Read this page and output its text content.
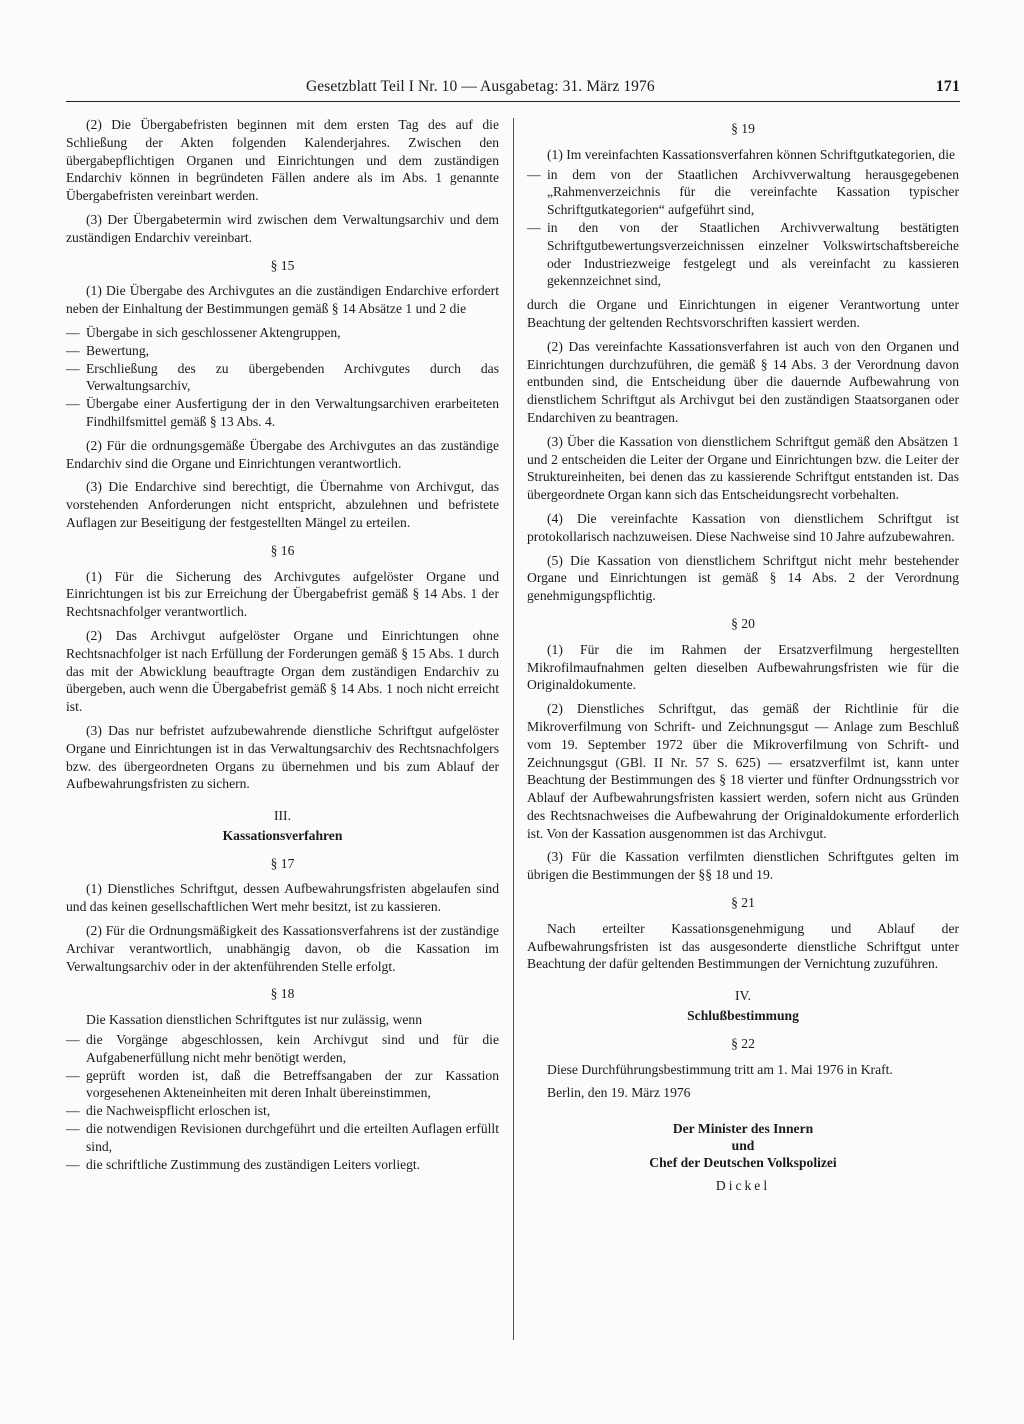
Gesetzblatt Teil I Nr. 10 — Ausgabetag: 31. März 1976	171

(2) Die Übergabefristen beginnen mit dem ersten Tag des auf die Schließung der Akten folgenden Kalenderjahres. Zwischen den übergabepflichtigen Organen und Einrichtungen und dem zuständigen Endarchiv können in begründeten Fällen andere als im Abs. 1 genannte Übergabefristen vereinbart werden.

(3) Der Übergabetermin wird zwischen dem Verwaltungsarchiv und dem zuständigen Endarchiv vereinbart.

§ 15

(1) Die Übergabe des Archivgutes an die zuständigen Endarchive erfordert neben der Einhaltung der Bestimmungen gemäß § 14 Absätze 1 und 2 die

— Übergabe in sich geschlossener Aktengruppen,
— Bewertung,
— Erschließung des zu übergebenden Archivgutes durch das Verwaltungsarchiv,
— Übergabe einer Ausfertigung der in den Verwaltungsarchiven erarbeiteten Findhilfsmittel gemäß § 13 Abs. 4.

(2) Für die ordnungsgemäße Übergabe des Archivgutes an das zuständige Endarchiv sind die Organe und Einrichtungen verantwortlich.

(3) Die Endarchive sind berechtigt, die Übernahme von Archivgut, das vorstehenden Anforderungen nicht entspricht, abzulehnen und befristete Auflagen zur Beseitigung der festgestellten Mängel zu erteilen.

§ 16

(1) Für die Sicherung des Archivgutes aufgelöster Organe und Einrichtungen ist bis zur Erreichung der Übergabefrist gemäß § 14 Abs. 1 der Rechtsnachfolger verantwortlich.

(2) Das Archivgut aufgelöster Organe und Einrichtungen ohne Rechtsnachfolger ist nach Erfüllung der Forderungen gemäß § 15 Abs. 1 durch das mit der Abwicklung beauftragte Organ dem zuständigen Endarchiv zu übergeben, auch wenn die Übergabefrist gemäß § 14 Abs. 1 noch nicht erreicht ist.

(3) Das nur befristet aufzubewahrende dienstliche Schriftgut aufgelöster Organe und Einrichtungen ist in das Verwaltungsarchiv des Rechtsnachfolgers bzw. des übergeordneten Organs zu übernehmen und bis zum Ablauf der Aufbewahrungsfristen zu sichern.

III.
Kassationsverfahren
§ 17

(1) Dienstliches Schriftgut, dessen Aufbewahrungsfristen abgelaufen sind und das keinen gesellschaftlichen Wert mehr besitzt, ist zu kassieren.

(2) Für die Ordnungsmäßigkeit des Kassationsverfahrens ist der zuständige Archivar verantwortlich, unabhängig davon, ob die Kassation im Verwaltungsarchiv oder in der aktenführenden Stelle erfolgt.

§ 18

Die Kassation dienstlichen Schriftgutes ist nur zulässig, wenn

— die Vorgänge abgeschlossen, kein Archivgut sind und für die Aufgabenerfüllung nicht mehr benötigt werden,
— geprüft worden ist, daß die Betreffsangaben der zur Kassation vorgesehenen Akteneinheiten mit deren Inhalt übereinstimmen,
— die Nachweispflicht erloschen ist,
— die notwendigen Revisionen durchgeführt und die erteilten Auflagen erfüllt sind,
— die schriftliche Zustimmung des zuständigen Leiters vorliegt.
§ 19

(1) Im vereinfachten Kassationsverfahren können Schriftgutkategorien, die

— in dem von der Staatlichen Archivverwaltung herausgegebenen „Rahmenverzeichnis für die vereinfachte Kassation typischer Schriftgutkategorien“ aufgeführt sind,
— in den von der Staatlichen Archivverwaltung bestätigten Schriftgutbewertungsverzeichnissen einzelner Volkswirtschaftsbereiche oder Industriezweige festgelegt und als vereinfacht zu kassieren gekennzeichnet sind,

durch die Organe und Einrichtungen in eigener Verantwortung unter Beachtung der geltenden Rechtsvorschriften kassiert werden.

(2) Das vereinfachte Kassationsverfahren ist auch von den Organen und Einrichtungen durchzuführen, die gemäß § 14 Abs. 3 der Verordnung davon entbunden sind, die Entscheidung über die dauernde Aufbewahrung von dienstlichem Schriftgut als Archivgut bei den zuständigen Staatsorganen oder Endarchiven zu beantragen.

(3) Über die Kassation von dienstlichem Schriftgut gemäß den Absätzen 1 und 2 entscheiden die Leiter der Organe und Einrichtungen bzw. die Leiter der Struktureinheiten, bei denen das zu kassierende Schriftgut entstanden ist. Das übergeordnete Organ kann sich das Entscheidungsrecht vorbehalten.

(4) Die vereinfachte Kassation von dienstlichem Schriftgut ist protokollarisch nachzuweisen. Diese Nachweise sind 10 Jahre aufzubewahren.

(5) Die Kassation von dienstlichem Schriftgut nicht mehr bestehender Organe und Einrichtungen ist gemäß § 14 Abs. 2 der Verordnung genehmigungspflichtig.

§ 20

(1) Für die im Rahmen der Ersatzverfilmung hergestellten Mikrofilmaufnahmen gelten dieselben Aufbewahrungsfristen wie für die Originaldokumente.

(2) Dienstliches Schriftgut, das gemäß der Richtlinie für die Mikroverfilmung von Schrift- und Zeichnungsgut — Anlage zum Beschluß vom 19. September 1972 über die Mikroverfilmung von Schrift- und Zeichnungsgut (GBl. II Nr. 57 S. 625) — ersatzverfilmt ist, kann unter Beachtung der Bestimmungen des § 18 vierter und fünfter Ordnungsstrich vor Ablauf der Aufbewahrungsfristen kassiert werden, sofern nicht aus Gründen des Rechtsnachweises die Aufbewahrung der Originaldokumente erforderlich ist. Von der Kassation ausgenommen ist das Archivgut.

(3) Für die Kassation verfilmten dienstlichen Schriftgutes gelten im übrigen die Bestimmungen der §§ 18 und 19.

§ 21

Nach erteilter Kassationsgenehmigung und Ablauf der Aufbewahrungsfristen ist das ausgesonderte dienstliche Schriftgut unter Beachtung der dafür geltenden Bestimmungen der Vernichtung zuzuführen.

IV.
Schlußbestimmung
§ 22

Diese Durchführungsbestimmung tritt am 1. Mai 1976 in Kraft.

Berlin, den 19. März 1976

Der Minister des Innern
und
Chef der Deutschen Volkspolizei
Dickel
